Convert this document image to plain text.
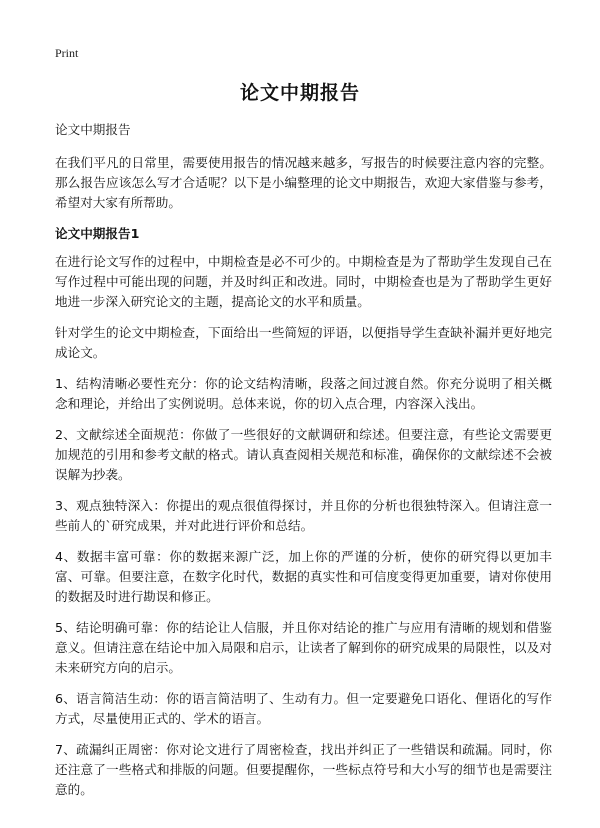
Print
论文中期报告

论文中期报告

在我们平凡的日常里，需要使用报告的情况越来越多，写报告的时候要注意内容的完整。那么报告应该怎么写才合适呢？以下是小编整理的论文中期报告，欢迎大家借鉴与参考，希望对大家有所帮助。

论文中期报告1

在进行论文写作的过程中，中期检查是必不可少的。中期检查是为了帮助学生发现自己在写作过程中可能出现的问题，并及时纠正和改进。同时，中期检查也是为了帮助学生更好地进一步深入研究论文的主题，提高论文的水平和质量。

针对学生的论文中期检查，下面给出一些简短的评语，以便指导学生查缺补漏并更好地完成论文。

1、结构清晰必要性充分：你的论文结构清晰，段落之间过渡自然。你充分说明了相关概念和理论，并给出了实例说明。总体来说，你的切入点合理，内容深入浅出。

2、文献综述全面规范：你做了一些很好的文献调研和综述。但要注意，有些论文需要更加规范的引用和参考文献的格式。请认真查阅相关规范和标准，确保你的文献综述不会被误解为抄袭。

3、观点独特深入：你提出的观点很值得探讨，并且你的分析也很独特深入。但请注意一些前人的`研究成果，并对此进行评价和总结。

4、数据丰富可靠：你的数据来源广泛，加上你的严谨的分析，使你的研究得以更加丰富、可靠。但要注意，在数字化时代，数据的真实性和可信度变得更加重要，请对你使用的数据及时进行勘误和修正。

5、结论明确可靠：你的结论让人信服，并且你对结论的推广与应用有清晰的规划和借鉴意义。但请注意在结论中加入局限和启示，让读者了解到你的研究成果的局限性，以及对未来研究方向的启示。

6、语言简洁生动：你的语言简洁明了、生动有力。但一定要避免口语化、俚语化的写作方式，尽量使用正式的、学术的语言。

7、疏漏纠正周密：你对论文进行了周密检查，找出并纠正了一些错误和疏漏。同时，你还注意了一些格式和排版的问题。但要提醒你，一些标点符号和大小写的细节也是需要注意的。
